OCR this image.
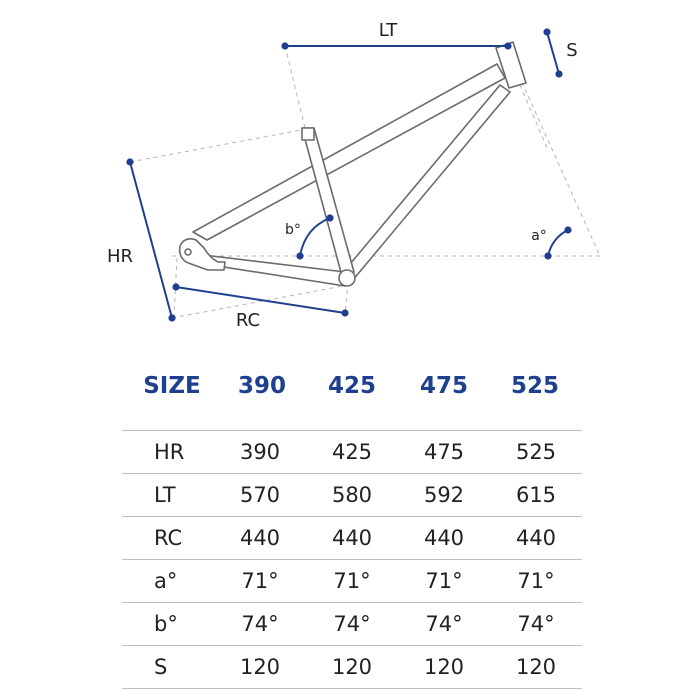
LT
S
HR
RC
b°	a°
SIZE	390	425	475	525
HR	390	425	475	525
LT	570	580	592	615
RC	440	440	440	440
a°	71°	71°	71°	71°
b°	74°	74°	74°	74°
S	120	120	120	120
